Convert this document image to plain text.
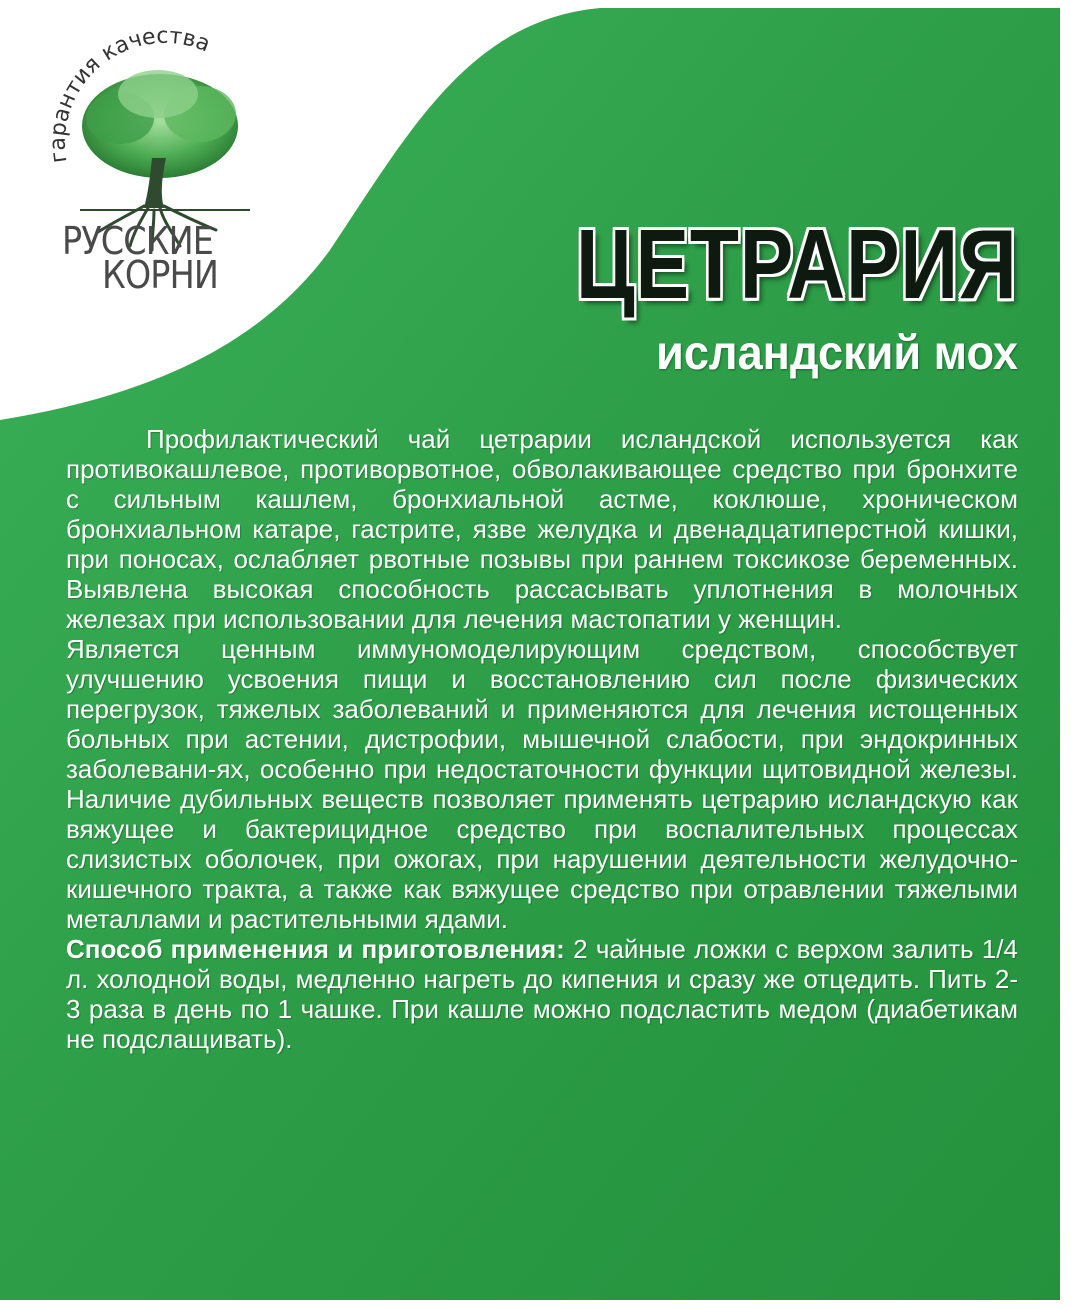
гарантия качества
РУССКИЕ
КОРНИ	ЦЕТРАРИЯ
исландский мох

Профилактический чай цетрарии исландской используется как противокашлевое, противорвотное, обволакивающее средство при бронхите с сильным кашлем, бронхиальной астме, коклюше, хроническом бронхиальном катаре, гастрите, язве желудка и двенадцатиперстной кишки, при поносах, ослабляет рвотные позывы при раннем токсикозе беременных. Выявлена высокая способность рассасывать уплотнения в молочных железах при использовании для лечения мастопатии у женщин.

Является ценным иммуномоделирующим средством, способствует улучшению усвоения пищи и восстановлению сил после физических перегрузок, тяжелых заболеваний и применяются для лечения истощенных больных при астении, дистрофии, мышечной слабости, при эндокринных заболевани-ях, особенно при недостаточности функции щитовидной железы. Наличие дубильных веществ позволяет применять цетрарию исландскую как вяжущее и бактерицидное средство при воспалительных процессах слизистых оболочек, при ожогах, при нарушении деятельности желудочно-кишечного тракта, а также как вяжущее средство при отравлении тяжелыми металлами и растительными ядами.

Способ применения и приготовления: 2 чайные ложки с верхом залить 1/4 л. холодной воды, медленно нагреть до кипения и сразу же отцедить. Пить 2-3 раза в день по 1 чашке. При кашле можно подсластить медом (диабетикам не подслащивать).
